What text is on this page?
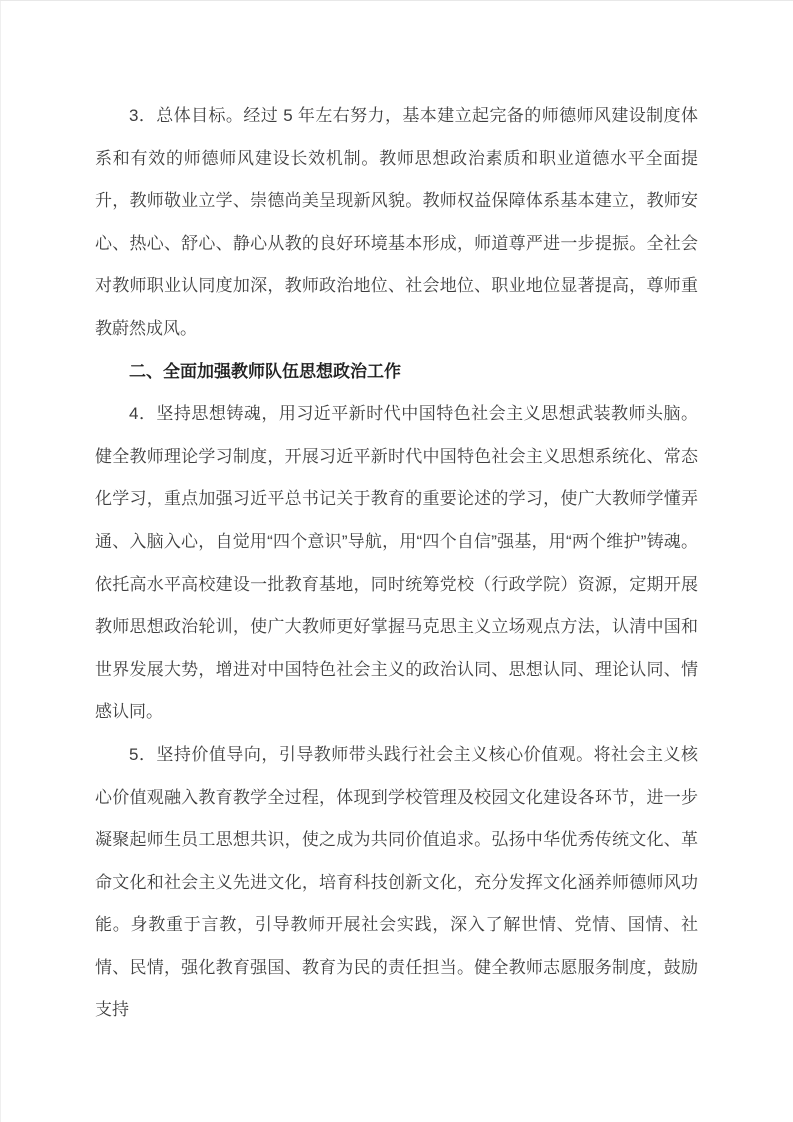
3．总体目标。经过 5 年左右努力，基本建立起完备的师德师风建设制度体系和有效的师德师风建设长效机制。教师思想政治素质和职业道德水平全面提升，教师敬业立学、崇德尚美呈现新风貌。教师权益保障体系基本建立，教师安心、热心、舒心、静心从教的良好环境基本形成，师道尊严进一步提振。全社会对教师职业认同度加深，教师政治地位、社会地位、职业地位显著提高，尊师重教蔚然成风。

二、全面加强教师队伍思想政治工作

4．坚持思想铸魂，用习近平新时代中国特色社会主义思想武装教师头脑。健全教师理论学习制度，开展习近平新时代中国特色社会主义思想系统化、常态化学习，重点加强习近平总书记关于教育的重要论述的学习，使广大教师学懂弄通、入脑入心，自觉用“四个意识”导航，用“四个自信”强基，用“两个维护”铸魂。依托高水平高校建设一批教育基地，同时统筹党校（行政学院）资源，定期开展教师思想政治轮训，使广大教师更好掌握马克思主义立场观点方法，认清中国和世界发展大势，增进对中国特色社会主义的政治认同、思想认同、理论认同、情感认同。

5．坚持价值导向，引导教师带头践行社会主义核心价值观。将社会主义核心价值观融入教育教学全过程，体现到学校管理及校园文化建设各环节，进一步凝聚起师生员工思想共识，使之成为共同价值追求。弘扬中华优秀传统文化、革命文化和社会主义先进文化，培育科技创新文化，充分发挥文化涵养师德师风功能。身教重于言教，引导教师开展社会实践，深入了解世情、党情、国情、社情、民情，强化教育强国、教育为民的责任担当。健全教师志愿服务制度，鼓励支持
